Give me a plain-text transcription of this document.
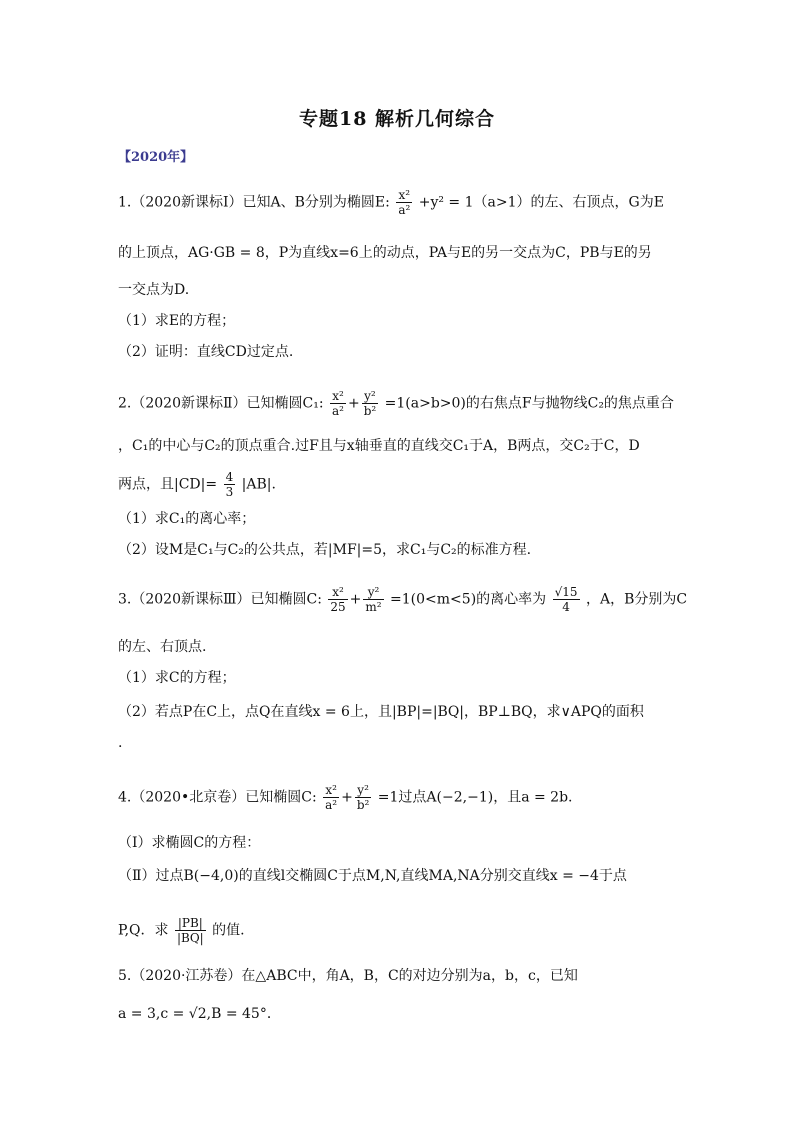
专题18 解析几何综合
【2020年】
1.（2020新课标Ⅰ）已知A、B分别为椭圆E: $\frac{\text{x²}}{\text{a²}} +y^2 = 1(a>1)$的左、右顶点，G为E
的上顶点，AG·GB = 8，P为直线x=6上的动点，PA与E的另一交点为C，PB与E的另
一交点为D.
（1）求E的方程；
（2）证明：直线CD过定点.
2.（2020新课标Ⅱ）已知椭圆C₁: $\frac{\text{x²}}{\text{a²}} + \frac{\text{y²}}{\text{b²}} =1(a>b>0)$的右焦点F与抛物线C₂的焦点重合
，C₁的中心与C₂的顶点重合.过F且与x轴垂直的直线交C₁于A，B两点，交C₂于C，D
两点，且$|CD|= \frac{4}{3} |AB|$.
（1）求C₁的离心率；
（2）设M是C₁与C₂的公共点，若|MF|=5，求C₁与C₂的标准方程.
3.（2020新课标Ⅲ）已知椭圆C: $\frac{\text{x²}}{25} + \frac{\text{y²}}{\text{m²}} =1(0<m<5)$的离心率为 $\frac{√15}{4}$ ，A，B分别为C
的左、右顶点.
（1）求C的方程；
（2）若点P在C上，点Q在直线x = 6上，且|BP|=|BQ|，BP⊥BQ，求∨APQ的面积
.
4.（2020•北京卷）已知椭圆C: $\frac{\text{x²}}{\text{a²}} + \frac{\text{y²}}{\text{b²}} =1$过点A(−2,−1)，且a = 2b.
（Ⅰ）求椭圆C的方程：
（Ⅱ）过点B(−4,0)的直线l交椭圆C于点M,N,直线MA,NA分别交直线x = −4于点
P,Q．求 $\frac{|PB|}{|BQ|}$ 的值.
5.（2020·江苏卷）在△ABC中，角A，B，C的对边分别为a，b，c，已知
a = 3,c = √2,B = 45°．
